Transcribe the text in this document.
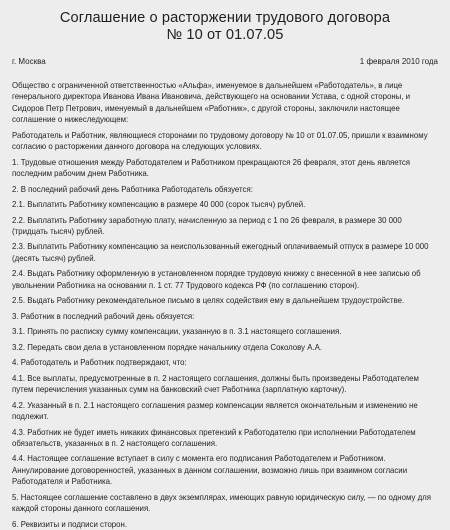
Соглашение о расторжении трудового договора
№ 10 от 01.07.05
г. Москва	1 февраля 2010 года

Общество с ограниченной ответственностью «Альфа», именуемое в дальнейшем «Работодатель», в лице генерального директора Иванова Ивана Ивановича, действующего на основании Устава, с одной стороны, и Сидоров Петр Петрович, именуемый в дальнейшем «Работник», с другой стороны, заключили настоящее соглашение о нижеследующем:

Работодатель и Работник, являющиеся сторонами по трудовому договору № 10 от 01.07.05, пришли к взаимному согласию о расторжении данного договора на следующих условиях.

1. Трудовые отношения между Работодателем и Работником прекращаются 26 февраля, этот день является последним рабочим днем Работника.

2. В последний рабочий день Работника Работодатель обязуется:

2.1. Выплатить Работнику компенсацию в размере 40 000 (сорок тысяч) рублей.

2.2. Выплатить Работнику заработную плату, начисленную за период с 1 по 26 февраля, в размере 30 000 (тридцать тысяч) рублей.

2.3. Выплатить Работнику компенсацию за неиспользованный ежегодный оплачиваемый отпуск в размере 10 000 (десять тысяч) рублей.

2.4. Выдать Работнику оформленную в установленном порядке трудовую книжку с внесенной в нее записью об увольнении Работника на основании п. 1 ст. 77 Трудового кодекса РФ (по соглашению сторон).

2.5. Выдать Работнику рекомендательное письмо в целях содействия ему в дальнейшем трудоустройстве.

3. Работник в последний рабочий день обязуется:

3.1. Принять по расписку сумму компенсации, указанную в п. 3.1 настоящего соглашения.

3.2. Передать свои дела в установленном порядке начальнику отдела Соколову А.А.

4. Работодатель и Работник подтверждают, что:

4.1. Все выплаты, предусмотренные в п. 2 настоящего соглашения, должны быть произведены Работодателем путем перечисления указанных сумм на банковский счет Работника (зарплатную карточку).

4.2. Указанный в п. 2.1 настоящего соглашения размер компенсации является окончательным и изменению не подлежит.

4.3. Работник не будет иметь никаких финансовых претензий к Работодателю при исполнении Работодателем обязательств, указанных в п. 2 настоящего соглашения.

4.4. Настоящее соглашение вступает в силу с момента его подписания Работодателем и Работником. Аннулирование договоренностей, указанных в данном соглашении, возможно лишь при взаимном согласии Работодателя и Работника.

5. Настоящее соглашение составлено в двух экземплярах, имеющих равную юридическую силу, — по одному для каждой стороны данного соглашения.

6. Реквизиты и подписи сторон.
